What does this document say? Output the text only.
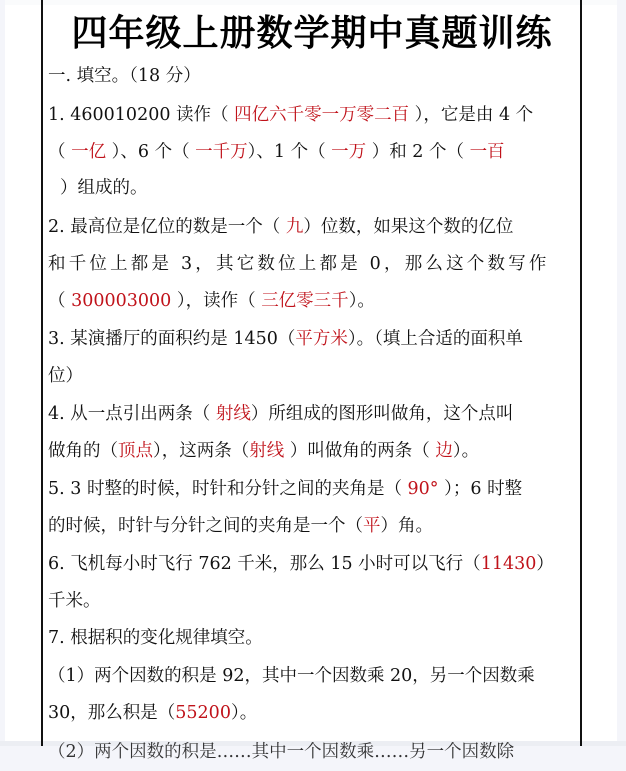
四年级上册数学期中真题训练
一. 填空。（18 分）
1. 460010200 读作（ 四亿六千零一万零二百 ），它是由 4 个
（ 一亿 ）、6 个（ 一千万）、1 个（ 一万 ）和 2 个（ 一百
）组成的。
2. 最高位是亿位的数是一个（ 九）位数，如果这个数的亿位
和千位上都是 3，其它数位上都是 0，那么这个数写作
（ 300003000 ），读作（ 三亿零三千）。
3. 某演播厅的面积约是 1450（平方米）。（填上合适的面积单
位）
4. 从一点引出两条（ 射线）所组成的图形叫做角，这个点叫
做角的（顶点），这两条（射线 ）叫做角的两条（ 边）。
5. 3 时整的时候，时针和分针之间的夹角是（ 90° ）；6 时整
的时候，时针与分针之间的夹角是一个（平）角。
6. 飞机每小时飞行 762 千米，那么 15 小时可以飞行（11430）
千米。
7. 根据积的变化规律填空。
（1）两个因数的积是 92，其中一个因数乘 20，另一个因数乘
30，那么积是（55200）。
（2）两个因数的积是……其中一个因数乘……另一个因数除
